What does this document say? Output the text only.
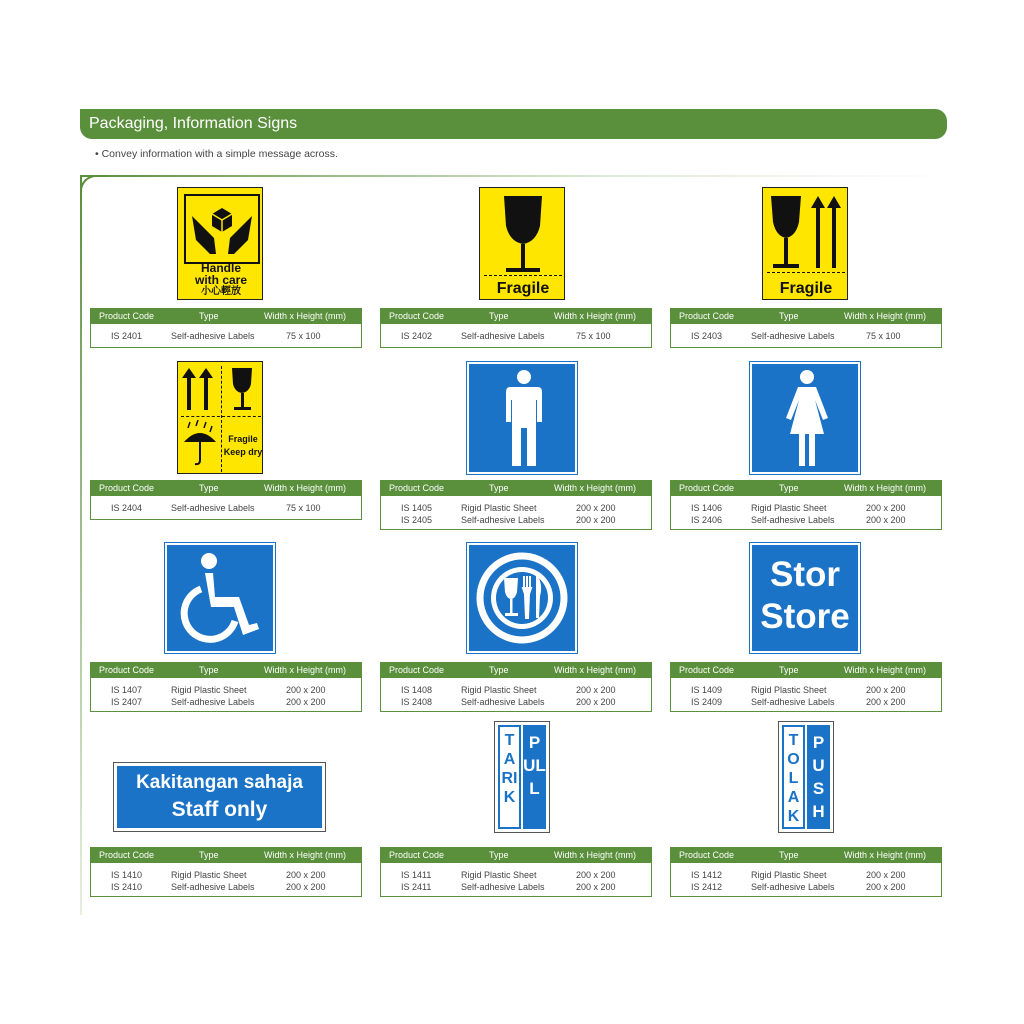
Packaging, Information Signs
• Convey information with a simple message across.
Handle
with care
小心輕放	Fragile	Fragile
Fragile
Keep dry
Stor
Store
Kakitangan sahaja
Staff only
TARIK
PULL
TOLAK
PUSH
Product Code	Type	Width x Height (mm)
IS 2401	Self-adhesive Labels	75 x 100
Product Code	Type	Width x Height (mm)
IS 2402	Self-adhesive Labels	75 x 100
Product Code	Type	Width x Height (mm)
IS 2403	Self-adhesive Labels	75 x 100
Product Code	Type	Width x Height (mm)
IS 2404	Self-adhesive Labels	75 x 100
Product Code	Type	Width x Height (mm)
IS 1405	Rigid Plastic Sheet	200 x 200
IS 2405	Self-adhesive Labels	200 x 200
Product Code	Type	Width x Height (mm)
IS 1406	Rigid Plastic Sheet	200 x 200
IS 2406	Self-adhesive Labels	200 x 200
Product Code	Type	Width x Height (mm)
IS 1407	Rigid Plastic Sheet	200 x 200
IS 2407	Self-adhesive Labels	200 x 200
Product Code	Type	Width x Height (mm)
IS 1408	Rigid Plastic Sheet	200 x 200
IS 2408	Self-adhesive Labels	200 x 200
Product Code	Type	Width x Height (mm)
IS 1409	Rigid Plastic Sheet	200 x 200
IS 2409	Self-adhesive Labels	200 x 200
Product Code	Type	Width x Height (mm)
IS 1410	Rigid Plastic Sheet	200 x 200
IS 2410	Self-adhesive Labels	200 x 200
Product Code	Type	Width x Height (mm)
IS 1411	Rigid Plastic Sheet	200 x 200
IS 2411	Self-adhesive Labels	200 x 200
Product Code	Type	Width x Height (mm)
IS 1412	Rigid Plastic Sheet	200 x 200
IS 2412	Self-adhesive Labels	200 x 200
